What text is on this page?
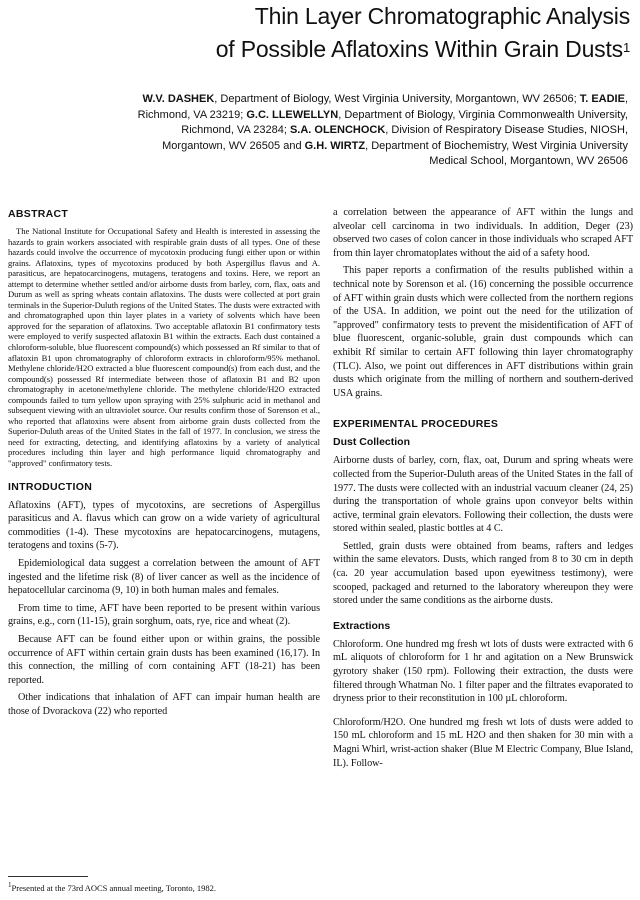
Thin Layer Chromatographic Analysis
of Possible Aflatoxins Within Grain Dusts$^1$
W.V. DASHEK, Department of Biology, West Virginia University, Morgantown, WV 26506; T. EADIE, Richmond, VA 23219; G.C. LLEWELLYN, Department of Biology, Virginia Commonwealth University, Richmond, VA 23284; S.A. OLENCHOCK, Division of Respiratory Disease Studies, NIOSH, Morgantown, WV 26505 and G.H. WIRTZ, Department of Biochemistry, West Virginia University Medical School, Morgantown, WV 26506
ABSTRACT

The National Institute for Occupational Safety and Health is interested in assessing the hazards to grain workers associated with respirable grain dusts of all types. One of these hazards could involve the occurrence of mycotoxin producing fungi either upon or within grains. Aflatoxins, types of mycotoxins produced by both Aspergillus flavus and A. parasiticus, are hepatocarcinogens, mutagens, teratogens and toxins. Here, we report an attempt to determine whether settled and/or airborne dusts from barley, corn, flax, oats and Durum as well as spring wheats contain aflatoxins. The dusts were collected at port grain terminals in the Superior-Duluth regions of the United States. The dusts were extracted with and chromatographed upon thin layer plates in a variety of solvents which have been approved for the separation of aflatoxins. Two acceptable aflatoxin B1 confirmatory tests were employed to verify suspected aflatoxin B1 within the extracts. Each dust contained a chloroform-soluble, blue fluorescent compound(s) which possessed an Rf similar to that of aflatoxin B1 upon chromatography of chloroform extracts in chloroform/95% methanol. Methylene chloride/H2O extracted a blue fluorescent compound(s) from each dust, and the compound(s) possessed Rf intermediate between those of aflatoxin B1 and B2 upon chromatography in acetone/methylene chloride. The methylene chloride/H2O extracted compounds failed to turn yellow upon spraying with 25% sulphuric acid in methanol and subsequent viewing with an ultraviolet source. Our results confirm those of Sorenson et al., who reported that aflatoxins were absent from airborne grain dusts collected from the Superior-Duluth areas of the United States in the fall of 1977. In conclusion, we stress the need for extracting, detecting, and identifying aflatoxins by a variety of analytical procedures including thin layer and high performance liquid chromatography and "approved" confirmatory tests.

INTRODUCTION

Aflatoxins (AFT), types of mycotoxins, are secretions of Aspergillus parasiticus and A. flavus which can grow on a wide variety of agricultural commodities (1-4). These mycotoxins are hepatocarcinogens, mutagens, teratogens and toxins (5-7).

Epidemiological data suggest a correlation between the amount of AFT ingested and the lifetime risk (8) of liver cancer as well as the incidence of hepatocellular carcinoma (9, 10) in both human males and females.

From time to time, AFT have been reported to be present within various grains, e.g., corn (11-15), grain sorghum, oats, rye, rice and wheat (2).

Because AFT can be found either upon or within grains, the possible occurrence of AFT within certain grain dusts has been examined (16,17). In this connection, the milling of corn containing AFT (18-21) has been reported.

Other indications that inhalation of AFT can impair human health are those of Dvorackova (22) who reported

a correlation between the appearance of AFT within the lungs and alveolar cell carcinoma in two individuals. In addition, Deger (23) observed two cases of colon cancer in those individuals who scraped AFT from thin layer chromatoplates without the aid of a safety hood.

This paper reports a confirmation of the results published within a technical note by Sorenson et al. (16) concerning the possible occurrence of AFT within grain dusts which were collected from the northern regions of the USA. In addition, we point out the need for the utilization of "approved" confirmatory tests to prevent the misidentification of AFT of blue fluorescent, organic-soluble, grain dust compounds which can exhibit Rf similar to certain AFT following thin layer chromatography (TLC). Also, we point out differences in AFT distributions within grain dusts which originate from the milling of northern and southern-derived USA grains.

EXPERIMENTAL PROCEDURES
Dust Collection

Airborne dusts of barley, corn, flax, oat, Durum and spring wheats were collected from the Superior-Duluth areas of the United States in the fall of 1977. The dusts were collected with an industrial vacuum cleaner (24, 25) during the transportation of whole grains upon conveyor belts within active, terminal grain elevators. Following their collection, the dusts were stored within sealed, plastic bottles at 4 C.

Settled, grain dusts were obtained from beams, rafters and ledges within the same elevators. Dusts, which ranged from 8 to 30 cm in depth (ca. 20 year accumulation based upon eyewitness testimony), were scooped, packaged and returned to the laboratory whereupon they were stored under the same conditions as the airborne dusts.

Extractions

Chloroform. One hundred mg fresh wt lots of dusts were extracted with 6 mL aliquots of chloroform for 1 hr and agitation on a New Brunswick gyrotory shaker (150 rpm). Following their extraction, the dusts were filtered through Whatman No. 1 filter paper and the filtrates evaporated to dryness prior to their reconstitution in 100 µL chloroform.

Chloroform/H2O. One hundred mg fresh wt lots of dusts were added to 150 mL chloroform and 15 mL H2O and then shaken for 30 min with a Magni Whirl, wrist-action shaker (Blue M Electric Company, Blue Island, IL). Follow-

$^1$Presented at the 73rd AOCS annual meeting, Toronto, 1982.
